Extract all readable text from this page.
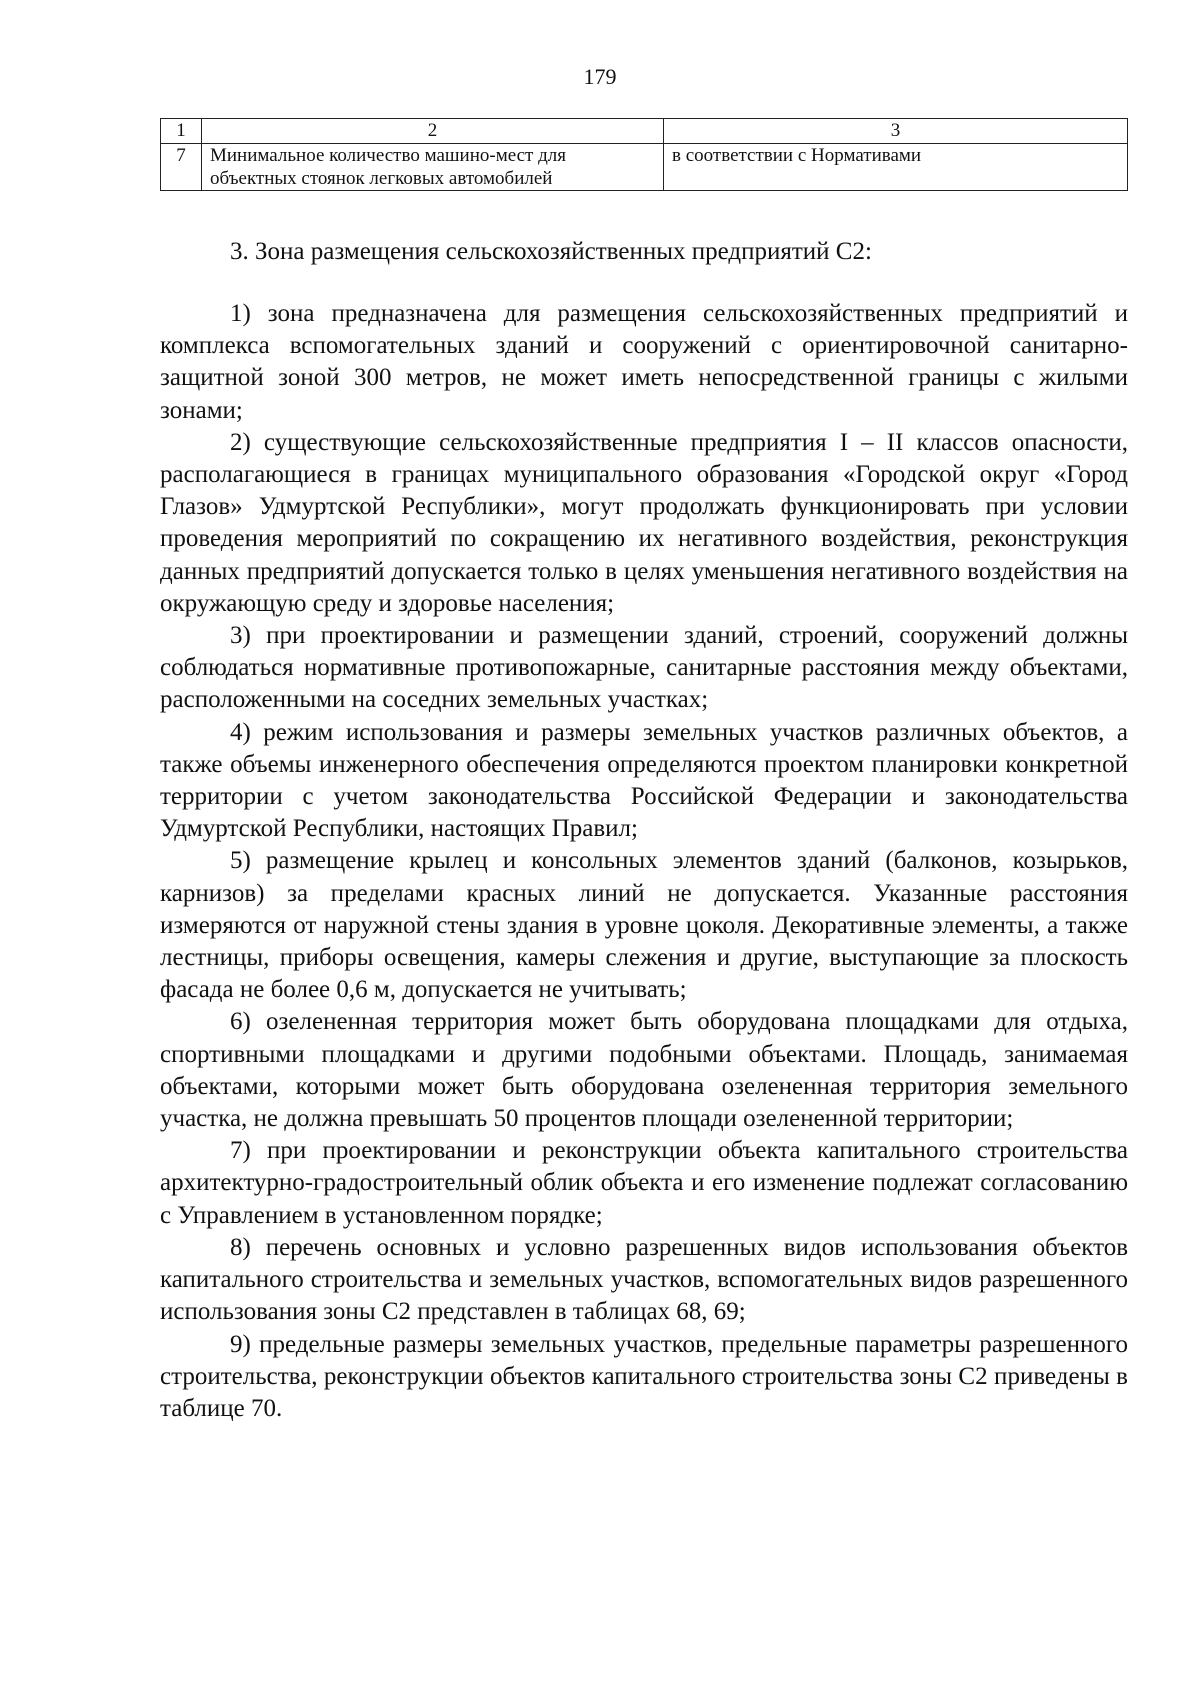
179
1	2	3
7	Минимальное количество машино-мест для объектных стоянок легковых автомобилей	в соответствии с Нормативами
3. Зона размещения сельскохозяйственных предприятий С2:

1) зона предназначена для размещения сельскохозяйственных предприятий и комплекса вспомогательных зданий и сооружений с ориентировочной санитарно-защитной зоной 300 метров, не может иметь непосредственной границы с жилыми зонами;

2) существующие сельскохозяйственные предприятия I – II классов опасности, располагающиеся в границах муниципального образования «Городской округ «Город Глазов» Удмуртской Республики», могут продолжать функционировать при условии проведения мероприятий по сокращению их негативного воздействия, реконструкция данных предприятий допускается только в целях уменьшения негативного воздействия на окружающую среду и здоровье населения;

3) при проектировании и размещении зданий, строений, сооружений должны соблюдаться нормативные противопожарные, санитарные расстояния между объектами, расположенными на соседних земельных участках;

4) режим использования и размеры земельных участков различных объектов, а также объемы инженерного обеспечения определяются проектом планировки конкретной территории с учетом законодательства Российской Федерации и законодательства Удмуртской Республики, настоящих Правил;

5) размещение крылец и консольных элементов зданий (балконов, козырьков, карнизов) за пределами красных линий не допускается. Указанные расстояния измеряются от наружной стены здания в уровне цоколя. Декоративные элементы, а также лестницы, приборы освещения, камеры слежения и другие, выступающие за плоскость фасада не более 0,6 м, допускается не учитывать;

6) озелененная территория может быть оборудована площадками для отдыха, спортивными площадками и другими подобными объектами. Площадь, занимаемая объектами, которыми может быть оборудована озелененная территория земельного участка, не должна превышать 50 процентов площади озелененной территории;

7) при проектировании и реконструкции объекта капитального строительства архитектурно-градостроительный облик объекта и его изменение подлежат согласованию с Управлением в установленном порядке;

8) перечень основных и условно разрешенных видов использования объектов капитального строительства и земельных участков, вспомогательных видов разрешенного использования зоны С2 представлен в таблицах 68, 69;

9) предельные размеры земельных участков, предельные параметры разрешенного строительства, реконструкции объектов капитального строительства зоны С2 приведены в таблице 70.
